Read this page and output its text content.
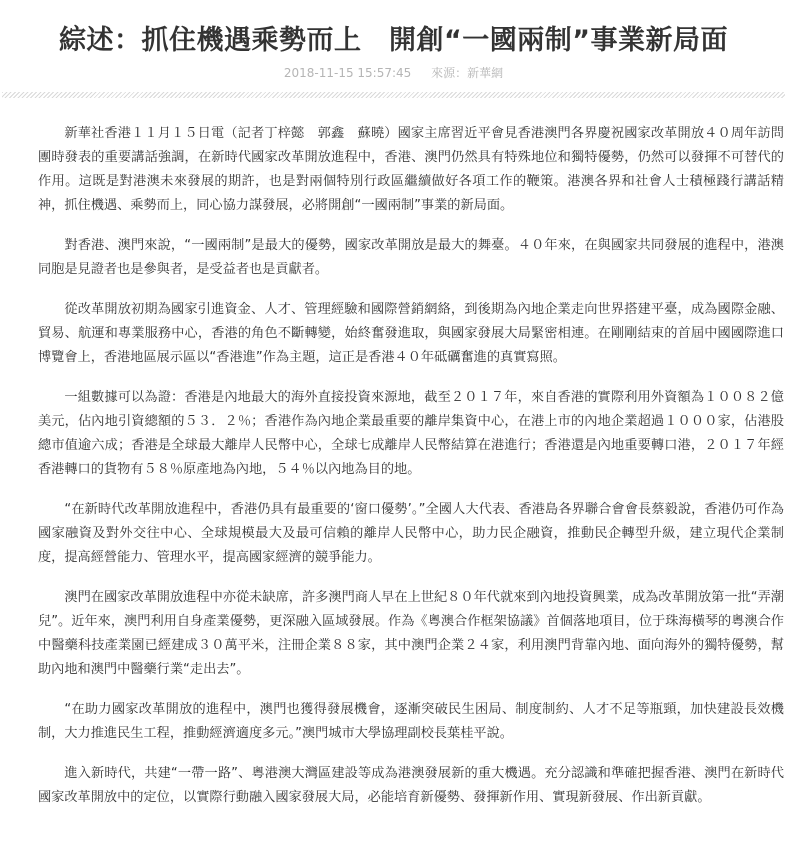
綜述：抓住機遇乘勢而上　開創“一國兩制”事業新局面
2018-11-15 15:57:45 來源：新華網

新華社香港１１月１５日電（記者丁梓懿　郭鑫　蘇曉）國家主席習近平會見香港澳門各界慶祝國家改革開放４０周年訪問團時發表的重要講話強調，在新時代國家改革開放進程中，香港、澳門仍然具有特殊地位和獨特優勢，仍然可以發揮不可替代的作用。這既是對港澳未來發展的期許，也是對兩個特別行政區繼續做好各項工作的鞭策。港澳各界和社會人士積極踐行講話精神，抓住機遇、乘勢而上，同心協力謀發展，必將開創“一國兩制”事業的新局面。

對香港、澳門來說，“一國兩制”是最大的優勢，國家改革開放是最大的舞臺。４０年來，在與國家共同發展的進程中，港澳同胞是見證者也是參與者，是受益者也是貢獻者。

從改革開放初期為國家引進資金、人才、管理經驗和國際營銷網絡，到後期為內地企業走向世界搭建平臺，成為國際金融、貿易、航運和專業服務中心，香港的角色不斷轉變，始終奮發進取，與國家發展大局緊密相連。在剛剛結束的首屆中國國際進口博覽會上，香港地區展示區以“香港進”作為主題，這正是香港４０年砥礪奮進的真實寫照。

一組數據可以為證：香港是內地最大的海外直接投資來源地，截至２０１７年，來自香港的實際利用外資額為１００８２億美元，佔內地引資總額的５３．２％；香港作為內地企業最重要的離岸集資中心，在港上市的內地企業超過１０００家，佔港股總市值逾六成；香港是全球最大離岸人民幣中心，全球七成離岸人民幣結算在港進行；香港還是內地重要轉口港，２０１７年經香港轉口的貨物有５８％原產地為內地，５４％以內地為目的地。

“在新時代改革開放進程中，香港仍具有最重要的‘窗口優勢’。”全國人大代表、香港島各界聯合會會長蔡毅說，香港仍可作為國家融資及對外交往中心、全球規模最大及最可信賴的離岸人民幣中心，助力民企融資，推動民企轉型升級，建立現代企業制度，提高經營能力、管理水平，提高國家經濟的競爭能力。

澳門在國家改革開放進程中亦從未缺席，許多澳門商人早在上世紀８０年代就來到內地投資興業，成為改革開放第一批“弄潮兒”。近年來，澳門利用自身產業優勢，更深融入區域發展。作為《粵澳合作框架協議》首個落地項目，位于珠海橫琴的粵澳合作中醫藥科技產業園已經建成３０萬平米，注冊企業８８家，其中澳門企業２４家，利用澳門背靠內地、面向海外的獨特優勢，幫助內地和澳門中醫藥行業“走出去”。

“在助力國家改革開放的進程中，澳門也獲得發展機會，逐漸突破民生困局、制度制約、人才不足等瓶頸，加快建設長效機制，大力推進民生工程，推動經濟適度多元。”澳門城市大學協理副校長葉桂平說。

進入新時代，共建“一帶一路”、粵港澳大灣區建設等成為港澳發展新的重大機遇。充分認識和準確把握香港、澳門在新時代國家改革開放中的定位，以實際行動融入國家發展大局，必能培育新優勢、發揮新作用、實現新發展、作出新貢獻。
